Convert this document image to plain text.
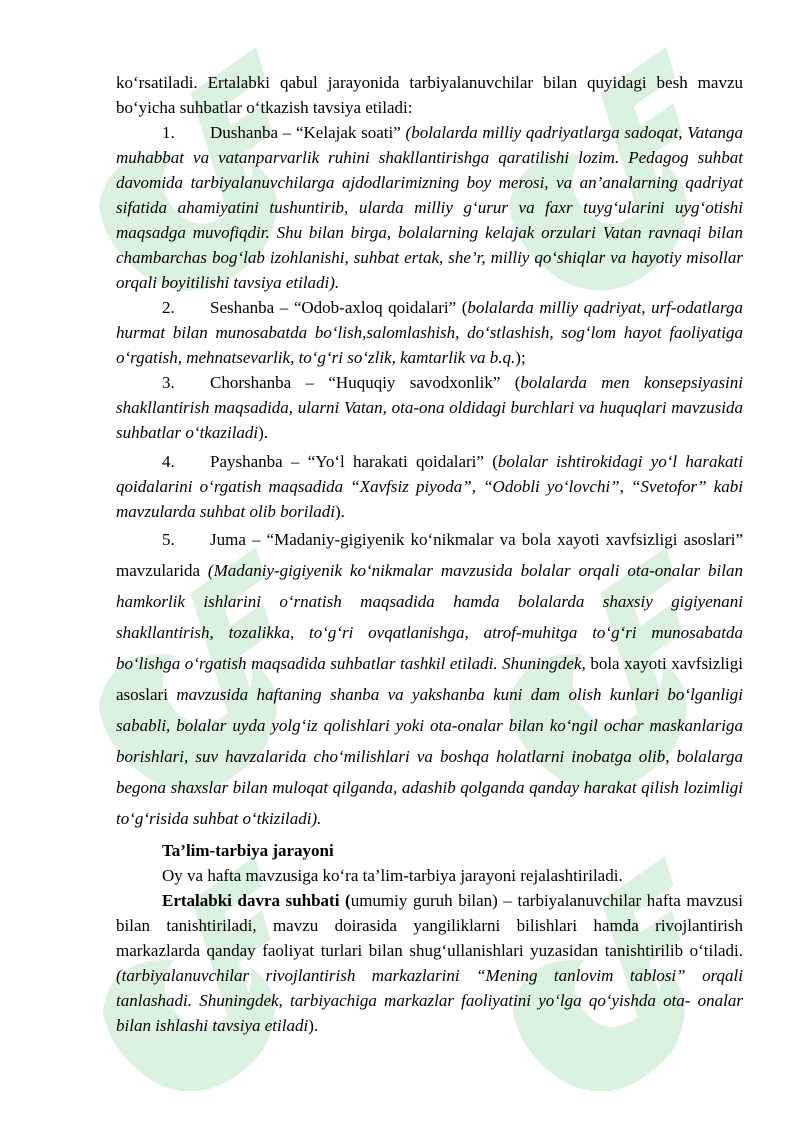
ko‘rsatiladi. Ertalabki qabul jarayonida tarbiyalanuvchilar bilan quyidagi besh mavzu bo‘yicha suhbatlar o‘tkazish tavsiya etiladi:

1. Dushanba – “Kelajak soati” (bolalarda milliy qadriyatlarga sadoqat, Vatanga muhabbat va vatanparvarlik ruhini shakllantirishga qaratilishi lozim. Pedagog suhbat davomida tarbiyalanuvchilarga ajdodlarimizning boy merosi, va an’analarning qadriyat sifatida ahamiyatini tushuntirib, ularda milliy g‘urur va faxr tuyg‘ularini uyg‘otishi maqsadga muvofiqdir. Shu bilan birga, bolalarning kelajak orzulari Vatan ravnaqi bilan chambarchas bog‘lab izohlanishi, suhbat ertak, she’r, milliy qo‘shiqlar va hayotiy misollar orqali boyitilishi tavsiya etiladi).

2. Seshanba – “Odob-axloq qoidalari” (bolalarda milliy qadriyat, urf-odatlarga hurmat bilan munosabatda bo‘lish,salomlashish, do‘stlashish, sog‘lom hayot faoliyatiga o‘rgatish, mehnatsevarlik, to‘g‘ri so‘zlik, kamtarlik va b.q.);

3. Chorshanba – “Huquqiy savodxonlik” (bolalarda men konsepsiyasini shakllantirish maqsadida, ularni Vatan, ota-ona oldidagi burchlari va huquqlari mavzusida suhbatlar o‘tkaziladi).

4. Payshanba – “Yo‘l harakati qoidalari” (bolalar ishtirokidagi yo‘l harakati qoidalarini o‘rgatish maqsadida “Xavfsiz piyoda”, “Odobli yo‘lovchi”, “Svetofor” kabi mavzularda suhbat olib boriladi).

5. Juma – “Madaniy-gigiyenik ko‘nikmalar va bola xayoti xavfsizligi asoslari” mavzularida (Madaniy-gigiyenik ko‘nikmalar mavzusida bolalar orqali ota-onalar bilan hamkorlik ishlarini o‘rnatish maqsadida hamda bolalarda shaxsiy gigiyenani shakllantirish, tozalikka, to‘g‘ri ovqatlanishga, atrof-muhitga to‘g‘ri munosabatda bo‘lishga o‘rgatish maqsadida suhbatlar tashkil etiladi. Shuningdek, bola xayoti xavfsizligi asoslari mavzusida haftaning shanba va yakshanba kuni dam olish kunlari bo‘lganligi sababli, bolalar uyda yolg‘iz qolishlari yoki ota-onalar bilan ko‘ngil ochar maskanlariga borishlari, suv havzalarida cho‘milishlari va boshqa holatlarni inobatga olib, bolalarga begona shaxslar bilan muloqat qilganda, adashib qolganda qanday harakat qilish lozimligi to‘g‘risida suhbat o‘tkiziladi).

Ta’lim-tarbiya jarayoni

Oy va hafta mavzusiga ko‘ra ta’lim-tarbiya jarayoni rejalashtiriladi.

Ertalabki davra suhbati (umumiy guruh bilan) – tarbiyalanuvchilar hafta mavzusi bilan tanishtiriladi, mavzu doirasida yangiliklarni bilishlari hamda rivojlantirish markazlarda qanday faoliyat turlari bilan shug‘ullanishlari yuzasidan tanishtirilib o‘tiladi. (tarbiyalanuvchilar rivojlantirish markazlarini “Mening tanlovim tablosi” orqali tanlashadi. Shuningdek, tarbiyachiga markazlar faoliyatini yo‘lga qo‘yishda ota- onalar bilan ishlashi tavsiya etiladi).
